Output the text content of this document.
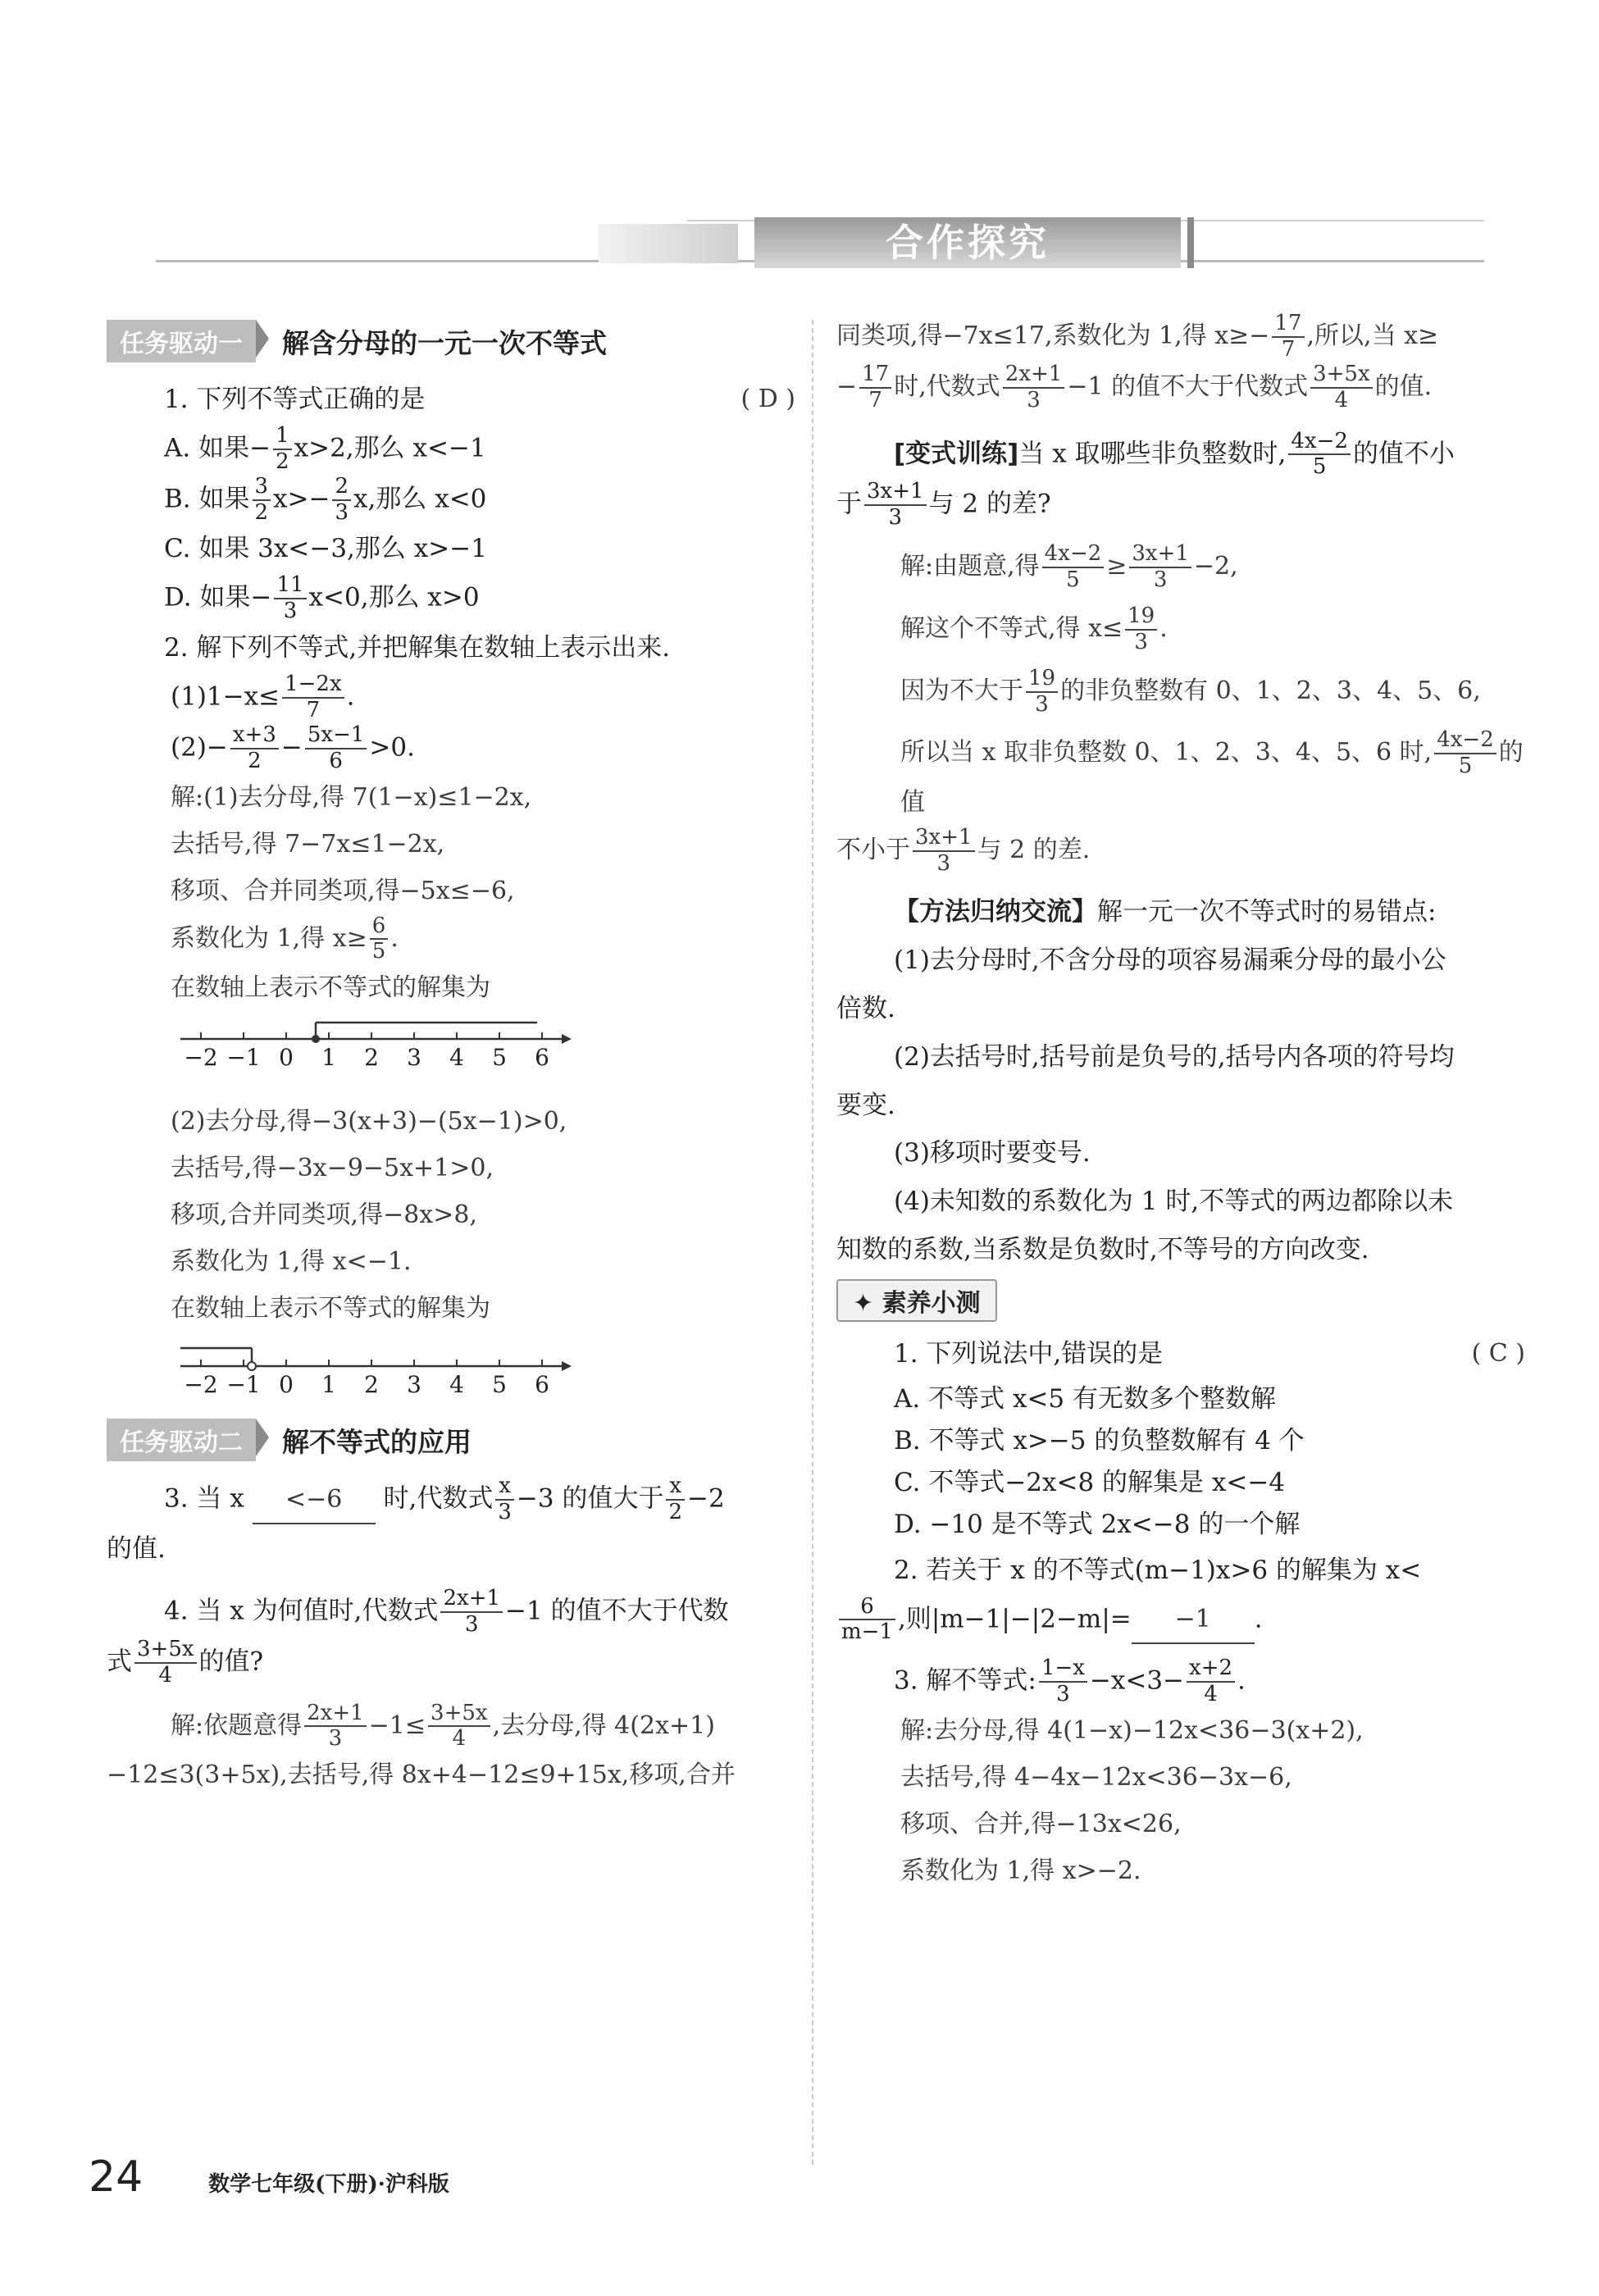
合作探究
任务驱动一	解含分母的一元一次不等式

1. 下列不等式正确的是	( D )

A. 如果− $\frac{1}{2} x>2$,那么 x<−1

B. 如果 $\frac{3}{2} x>- \frac{2}{3} x$,那么 x<0

C. 如果 3x<−3,那么 x>−1

D. 如果− $\frac{11}{3} x<0$,那么 x>0

2. 解下列不等式,并把解集在数轴上表示出来.

$(1)1-x\le \frac{1-2x}{7}$ .

$(2)- \frac{x+3}{2} - \frac{5x-1}{6} >0$.

解:(1)去分母,得 7(1−x)≤1−2x,

去括号,得 7−7x≤1−2x,

移项、合并同类项,得−5x≤−6,

系数化为 1,得 $x\ge \frac{6}{5}$ .

在数轴上表示不等式的解集为

−2 −1 0 1 2 3 4 5 6

(2)去分母,得−3(x+3)−(5x−1)>0,

去括号,得−3x−9−5x+1>0,

移项,合并同类项,得−8x>8,

系数化为 1,得 x<−1.

在数轴上表示不等式的解集为

−2 −1 0 1 2 3 4 5 6
任务驱动二	解不等式的应用

3. 当 x <−6 时,代数式 $\frac{x}{3} -3$ 的值大于 $\frac{x}{2} -2$

的值.

4. 当 x 为何值时,代数式 $\frac{2x+1}{3} -1$ 的值不大于代数

式 $\frac{3+5x}{4}$ 的值?

解:依题意得 $\frac{2x+1}{3} -1\le \frac{3+5x}{4}$ ,去分母,得 4(2x+1)

−12≤3(3+5x),去括号,得 8x+4−12≤9+15x,移项,合并

同类项,得−7x≤17,系数化为 1,得 $x\ge- \frac{17}{7}$ ,所以,当 x≥

− $\frac{17}{7}$ 时,代数式 $\frac{2x+1}{3} -1$ 的值不大于代数式 $\frac{3+5x}{4}$ 的值.

[变式训练]当 x 取哪些非负整数时, $\frac{4x-2}{5}$ 的值不小

于 $\frac{3x+1}{3}$ 与 2 的差?

解:由题意,得 $\frac{4x-2}{5} \ge \frac{3x+1}{3} -2$,

解这个不等式,得 $x\le \frac{19}{3}$ .

因为不大于 $\frac{19}{3}$ 的非负整数有 0、1、2、3、4、5、6,

所以当 x 取非负整数 0、1、2、3、4、5、6 时, $\frac{4x-2}{5}$ 的值

不小于 $\frac{3x+1}{3}$ 与 2 的差.

【方法归纳交流】解一元一次不等式时的易错点:

(1)去分母时,不含分母的项容易漏乘分母的最小公

倍数.

(2)去括号时,括号前是负号的,括号内各项的符号均

要变.

(3)移项时要变号.

(4)未知数的系数化为 1 时,不等式的两边都除以未

知数的系数,当系数是负数时,不等号的方向改变.

✦ 素养小测

1. 下列说法中,错误的是	( C )

A. 不等式 x<5 有无数多个整数解

B. 不等式 x>−5 的负整数解有 4 个

C. 不等式−2x<8 的解集是 x<−4

D. −10 是不等式 2x<−8 的一个解

2. 若关于 x 的不等式(m−1)x>6 的解集为 x<

$\frac{6}{m-1}$ ,则|m−1|−|2−m|= −1 .

3. 解不等式: $\frac{1-x}{3} -x<3- \frac{x+2}{4}$ .

解:去分母,得 4(1−x)−12x<36−3(x+2),

去括号,得 4−4x−12x<36−3x−6,

移项、合并,得−13x<26,

系数化为 1,得 x>−2.

24	数学七年级(下册)·沪科版
